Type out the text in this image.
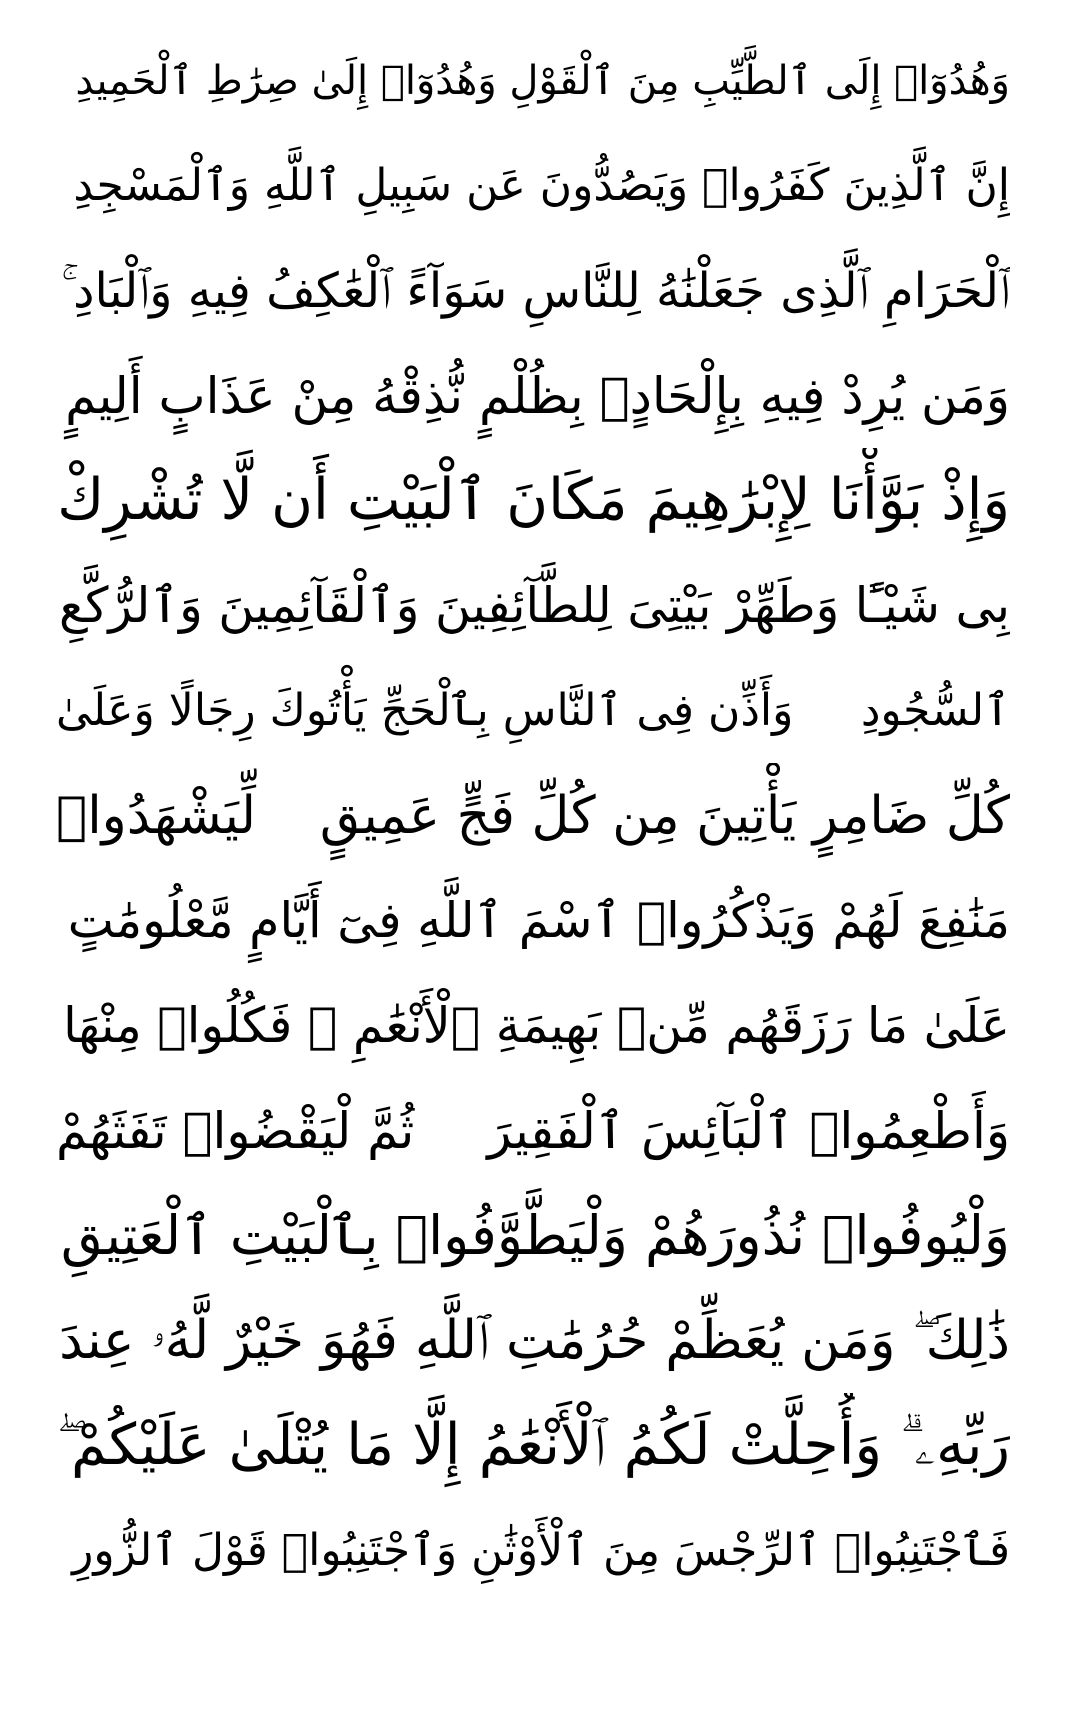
وَهُدُوٓا۟ إِلَى ٱلطَّيِّبِ مِنَ ٱلْقَوْلِ وَهُدُوٓا۟ إِلَىٰ صِرَٰطِ ٱلْحَمِيدِ
إِنَّ ٱلَّذِينَ كَفَرُوا۟ وَيَصُدُّونَ عَن سَبِيلِ ٱللَّهِ وَٱلْمَسْجِدِ
ٱلْحَرَامِ ٱلَّذِى جَعَلْنَٰهُ لِلنَّاسِ سَوَآءً ٱلْعَٰكِفُ فِيهِ وَٱلْبَادِ ۚ
وَمَن يُرِدْ فِيهِ بِإِلْحَادٍۭ بِظُلْمٍ نُّذِقْهُ مِنْ عَذَابٍ أَلِيمٍ
وَإِذْ بَوَّأْنَا لِإِبْرَٰهِيمَ مَكَانَ ٱلْبَيْتِ أَن لَّا تُشْرِكْ
بِى شَيْـًٔا وَطَهِّرْ بَيْتِىَ لِلطَّآئِفِينَ وَٱلْقَآئِمِينَ وَٱلرُّكَّعِ
ٱلسُّجُودِ
وَأَذِّن فِى ٱلنَّاسِ بِٱلْحَجِّ يَأْتُوكَ رِجَالًا وَعَلَىٰ
كُلِّ ضَامِرٍ يَأْتِينَ مِن كُلِّ فَجٍّ عَمِيقٍ
لِّيَشْهَدُوا۟
مَنَٰفِعَ لَهُمْ وَيَذْكُرُوا۟ ٱسْمَ ٱللَّهِ فِىٓ أَيَّامٍ مَّعْلُومَٰتٍ
عَلَىٰ مَا رَزَقَهُم مِّنۢ بَهِيمَةِ ٱلْأَنْعَٰمِ ۖ فَكُلُوا۟ مِنْهَا
وَأَطْعِمُوا۟ ٱلْبَآئِسَ ٱلْفَقِيرَ
ثُمَّ لْيَقْضُوا۟ تَفَثَهُمْ
وَلْيُوفُوا۟ نُذُورَهُمْ وَلْيَطَّوَّفُوا۟ بِٱلْبَيْتِ ٱلْعَتِيقِ
ذَٰلِكَ ۖ وَمَن يُعَظِّمْ حُرُمَٰتِ ٱللَّهِ فَهُوَ خَيْرٌ لَّهُۥ عِندَ
رَبِّهِۦ ۗ وَأُحِلَّتْ لَكُمُ ٱلْأَنْعَٰمُ إِلَّا مَا يُتْلَىٰ عَلَيْكُمْ ۖ
فَٱجْتَنِبُوا۟ ٱلرِّجْسَ مِنَ ٱلْأَوْثَٰنِ وَٱجْتَنِبُوا۟ قَوْلَ ٱلزُّورِ
